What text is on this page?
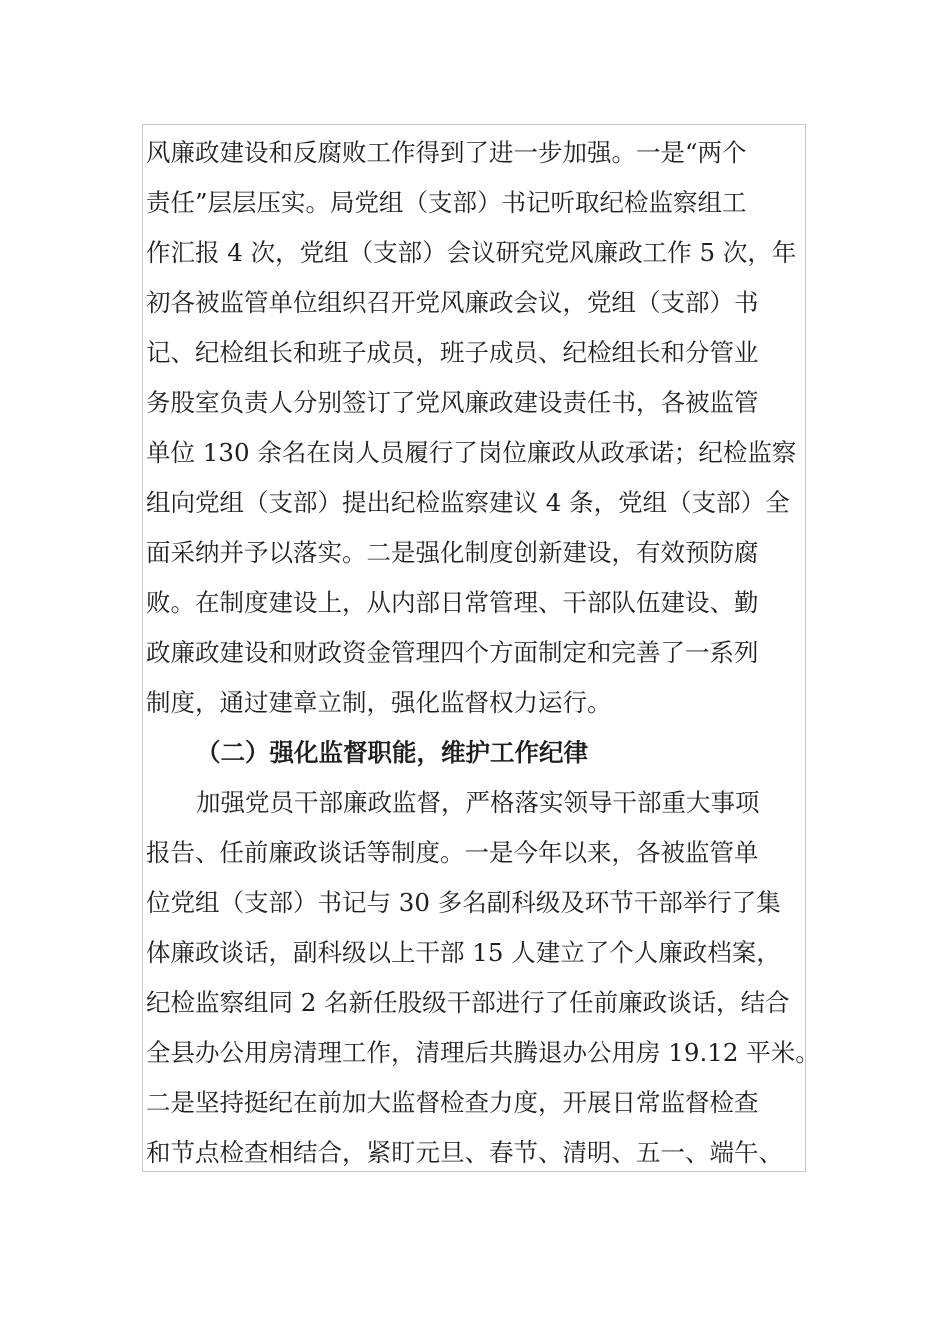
风廉政建设和反腐败工作得到了进一步加强。一是“两个
责任”层层压实。局党组（支部）书记听取纪检监察组工
作汇报 4 次，党组（支部）会议研究党风廉政工作 5 次，年
初各被监管单位组织召开党风廉政会议，党组（支部）书
记、纪检组长和班子成员，班子成员、纪检组长和分管业
务股室负责人分别签订了党风廉政建设责任书，各被监管
单位 130 余名在岗人员履行了岗位廉政从政承诺；纪检监察
组向党组（支部）提出纪检监察建议 4 条，党组（支部）全
面采纳并予以落实。二是强化制度创新建设，有效预防腐
败。在制度建设上，从内部日常管理、干部队伍建设、勤
政廉政建设和财政资金管理四个方面制定和完善了一系列
制度，通过建章立制，强化监督权力运行。
（二）强化监督职能，维护工作纪律
加强党员干部廉政监督，严格落实领导干部重大事项
报告、任前廉政谈话等制度。一是今年以来，各被监管单
位党组（支部）书记与 30 多名副科级及环节干部举行了集
体廉政谈话，副科级以上干部 15 人建立了个人廉政档案，
纪检监察组同 2 名新任股级干部进行了任前廉政谈话，结合
全县办公用房清理工作，清理后共腾退办公用房 19.12 平米。
二是坚持挺纪在前加大监督检查力度，开展日常监督检查
和节点检查相结合，紧盯元旦、春节、清明、五一、端午、
